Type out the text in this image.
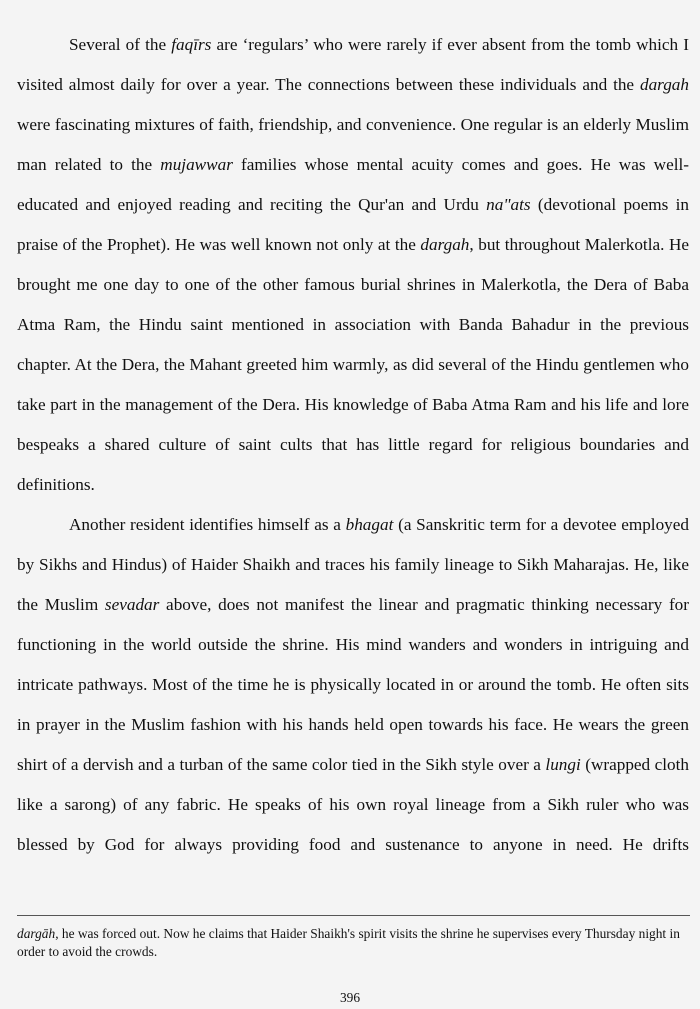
Several of the faqīrs are ‘regulars’ who were rarely if ever absent from the tomb which I visited almost daily for over a year. The connections between these individuals and the dargah were fascinating mixtures of faith, friendship, and convenience. One regular is an elderly Muslim man related to the mujawwar families whose mental acuity comes and goes. He was well-educated and enjoyed reading and reciting the Qur'an and Urdu na"ats (devotional poems in praise of the Prophet). He was well known not only at the dargah, but throughout Malerkotla. He brought me one day to one of the other famous burial shrines in Malerkotla, the Dera of Baba Atma Ram, the Hindu saint mentioned in association with Banda Bahadur in the previous chapter. At the Dera, the Mahant greeted him warmly, as did several of the Hindu gentlemen who take part in the management of the Dera. His knowledge of Baba Atma Ram and his life and lore bespeaks a shared culture of saint cults that has little regard for religious boundaries and definitions.

Another resident identifies himself as a bhagat (a Sanskritic term for a devotee employed by Sikhs and Hindus) of Haider Shaikh and traces his family lineage to Sikh Maharajas. He, like the Muslim sevadar above, does not manifest the linear and pragmatic thinking necessary for functioning in the world outside the shrine. His mind wanders and wonders in intriguing and intricate pathways. Most of the time he is physically located in or around the tomb. He often sits in prayer in the Muslim fashion with his hands held open towards his face. He wears the green shirt of a dervish and a turban of the same color tied in the Sikh style over a lungi (wrapped cloth like a sarong) of any fabric. He speaks of his own royal lineage from a Sikh ruler who was blessed by God for always providing food and sustenance to anyone in need. He drifts

dargāh, he was forced out. Now he claims that Haider Shaikh's spirit visits the shrine he supervises every Thursday night in order to avoid the crowds.

396
